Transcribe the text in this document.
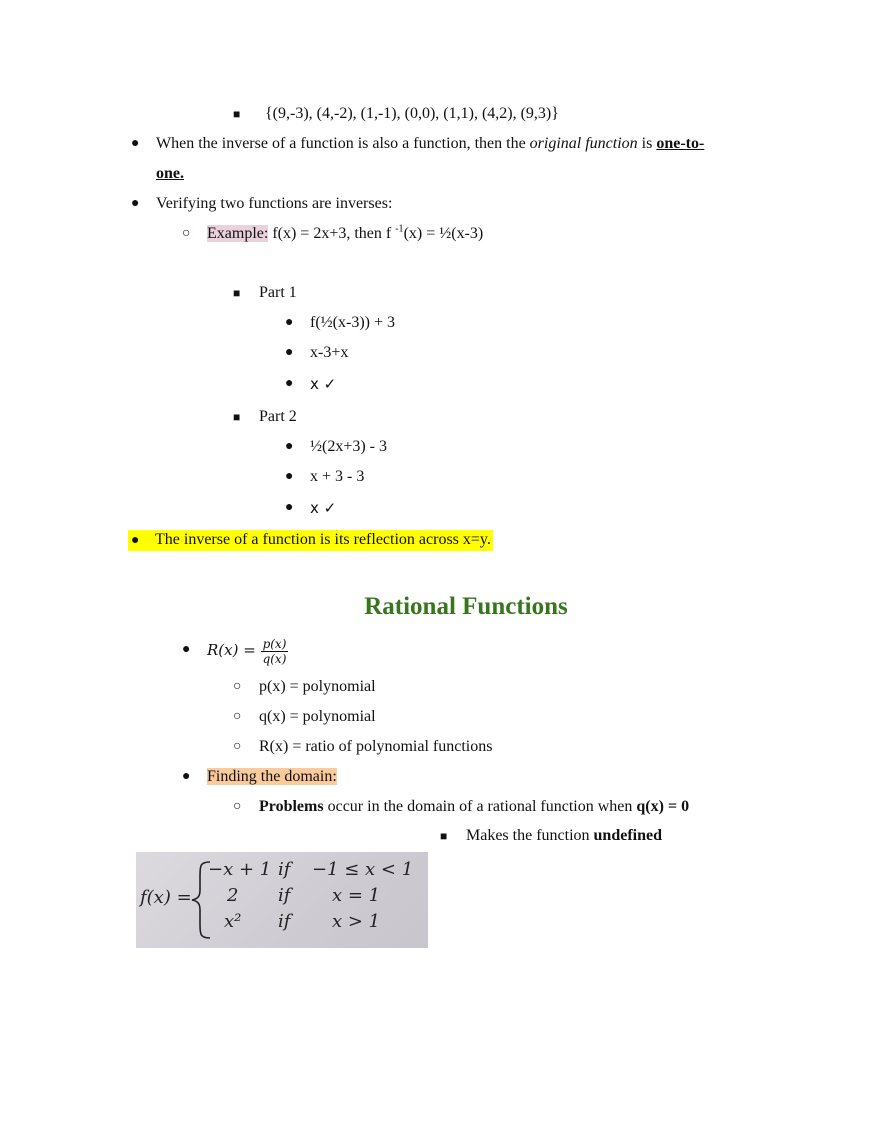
■ {(9,-3), (4,-2), (1,-1), (0,0), (1,1), (4,2), (9,3)}
● When the inverse of a function is also a function, then the original function is one-to-
one.
● Verifying two functions are inverses:
○ Example: f(x) = 2x+3, then f $^{-1}$(x) = ½(x-3)
■ Part 1
● f(½(x-3)) + 3
● x-3+x
● x ✓
■ Part 2
● ½(2x+3) - 3
● x + 3 - 3
● x ✓
● The inverse of a function is its reflection across x=y.
Rational Functions
● $R(x) = \frac{p(x)}{q(x)}$
○ p(x) = polynomial
○ q(x) = polynomial
○ R(x) = ratio of polynomial functions
● Finding the domain:
○ Problems occur in the domain of a rational function when q(x) = 0
■ Makes the function undefined
f(x) =
−x + 1 if −1 ≤ x < 1
2 if x = 1
x² if x > 1
